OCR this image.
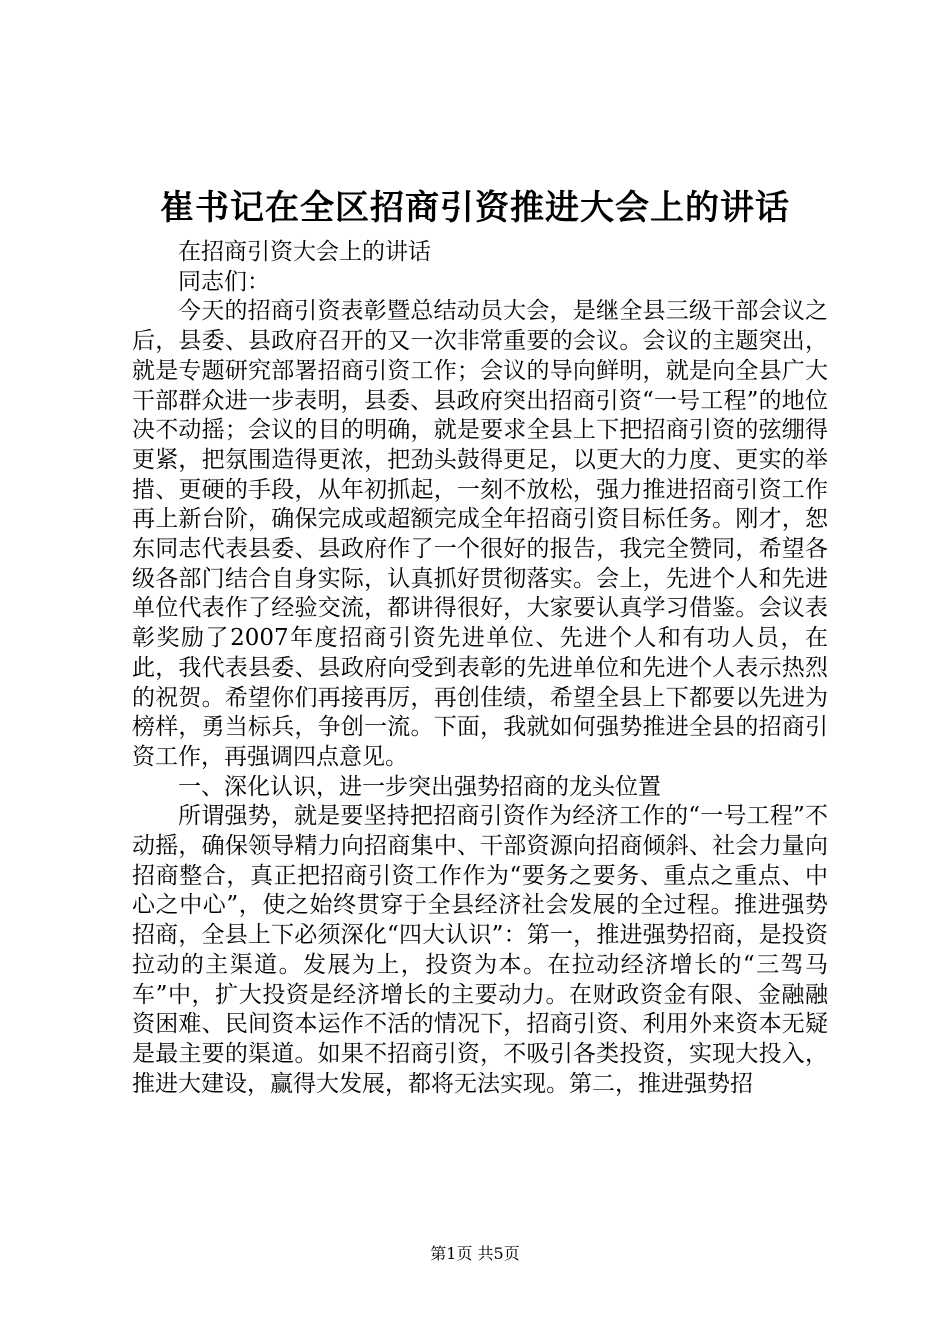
崔书记在全区招商引资推进大会上的讲话

在招商引资大会上的讲话

同志们：

今天的招商引资表彰暨总结动员大会，是继全县三级干部会议之后，县委、县政府召开的又一次非常重要的会议。会议的主题突出，就是专题研究部署招商引资工作；会议的导向鲜明，就是向全县广大干部群众进一步表明，县委、县政府突出招商引资“一号工程”的地位决不动摇；会议的目的明确，就是要求全县上下把招商引资的弦绷得更紧，把氛围造得更浓，把劲头鼓得更足，以更大的力度、更实的举措、更硬的手段，从年初抓起，一刻不放松，强力推进招商引资工作再上新台阶，确保完成或超额完成全年招商引资目标任务。刚才，恕东同志代表县委、县政府作了一个很好的报告，我完全赞同，希望各级各部门结合自身实际，认真抓好贯彻落实。会上，先进个人和先进单位代表作了经验交流，都讲得很好，大家要认真学习借鉴。会议表彰奖励了2007年度招商引资先进单位、先进个人和有功人员，在此，我代表县委、县政府向受到表彰的先进单位和先进个人表示热烈的祝贺。希望你们再接再厉，再创佳绩，希望全县上下都要以先进为榜样，勇当标兵，争创一流。下面，我就如何强势推进全县的招商引资工作，再强调四点意见。

一、深化认识，进一步突出强势招商的龙头位置

所谓强势，就是要坚持把招商引资作为经济工作的“一号工程”不动摇，确保领导精力向招商集中、干部资源向招商倾斜、社会力量向招商整合，真正把招商引资工作作为“要务之要务、重点之重点、中心之中心”，使之始终贯穿于全县经济社会发展的全过程。推进强势招商，全县上下必须深化“四大认识”：第一，推进强势招商，是投资拉动的主渠道。发展为上，投资为本。在拉动经济增长的“三驾马车”中，扩大投资是经济增长的主要动力。在财政资金有限、金融融资困难、民间资本运作不活的情况下，招商引资、利用外来资本无疑是最主要的渠道。如果不招商引资，不吸引各类投资，实现大投入，推进大建设，赢得大发展，都将无法实现。第二，推进强势招

第1页 共5页
